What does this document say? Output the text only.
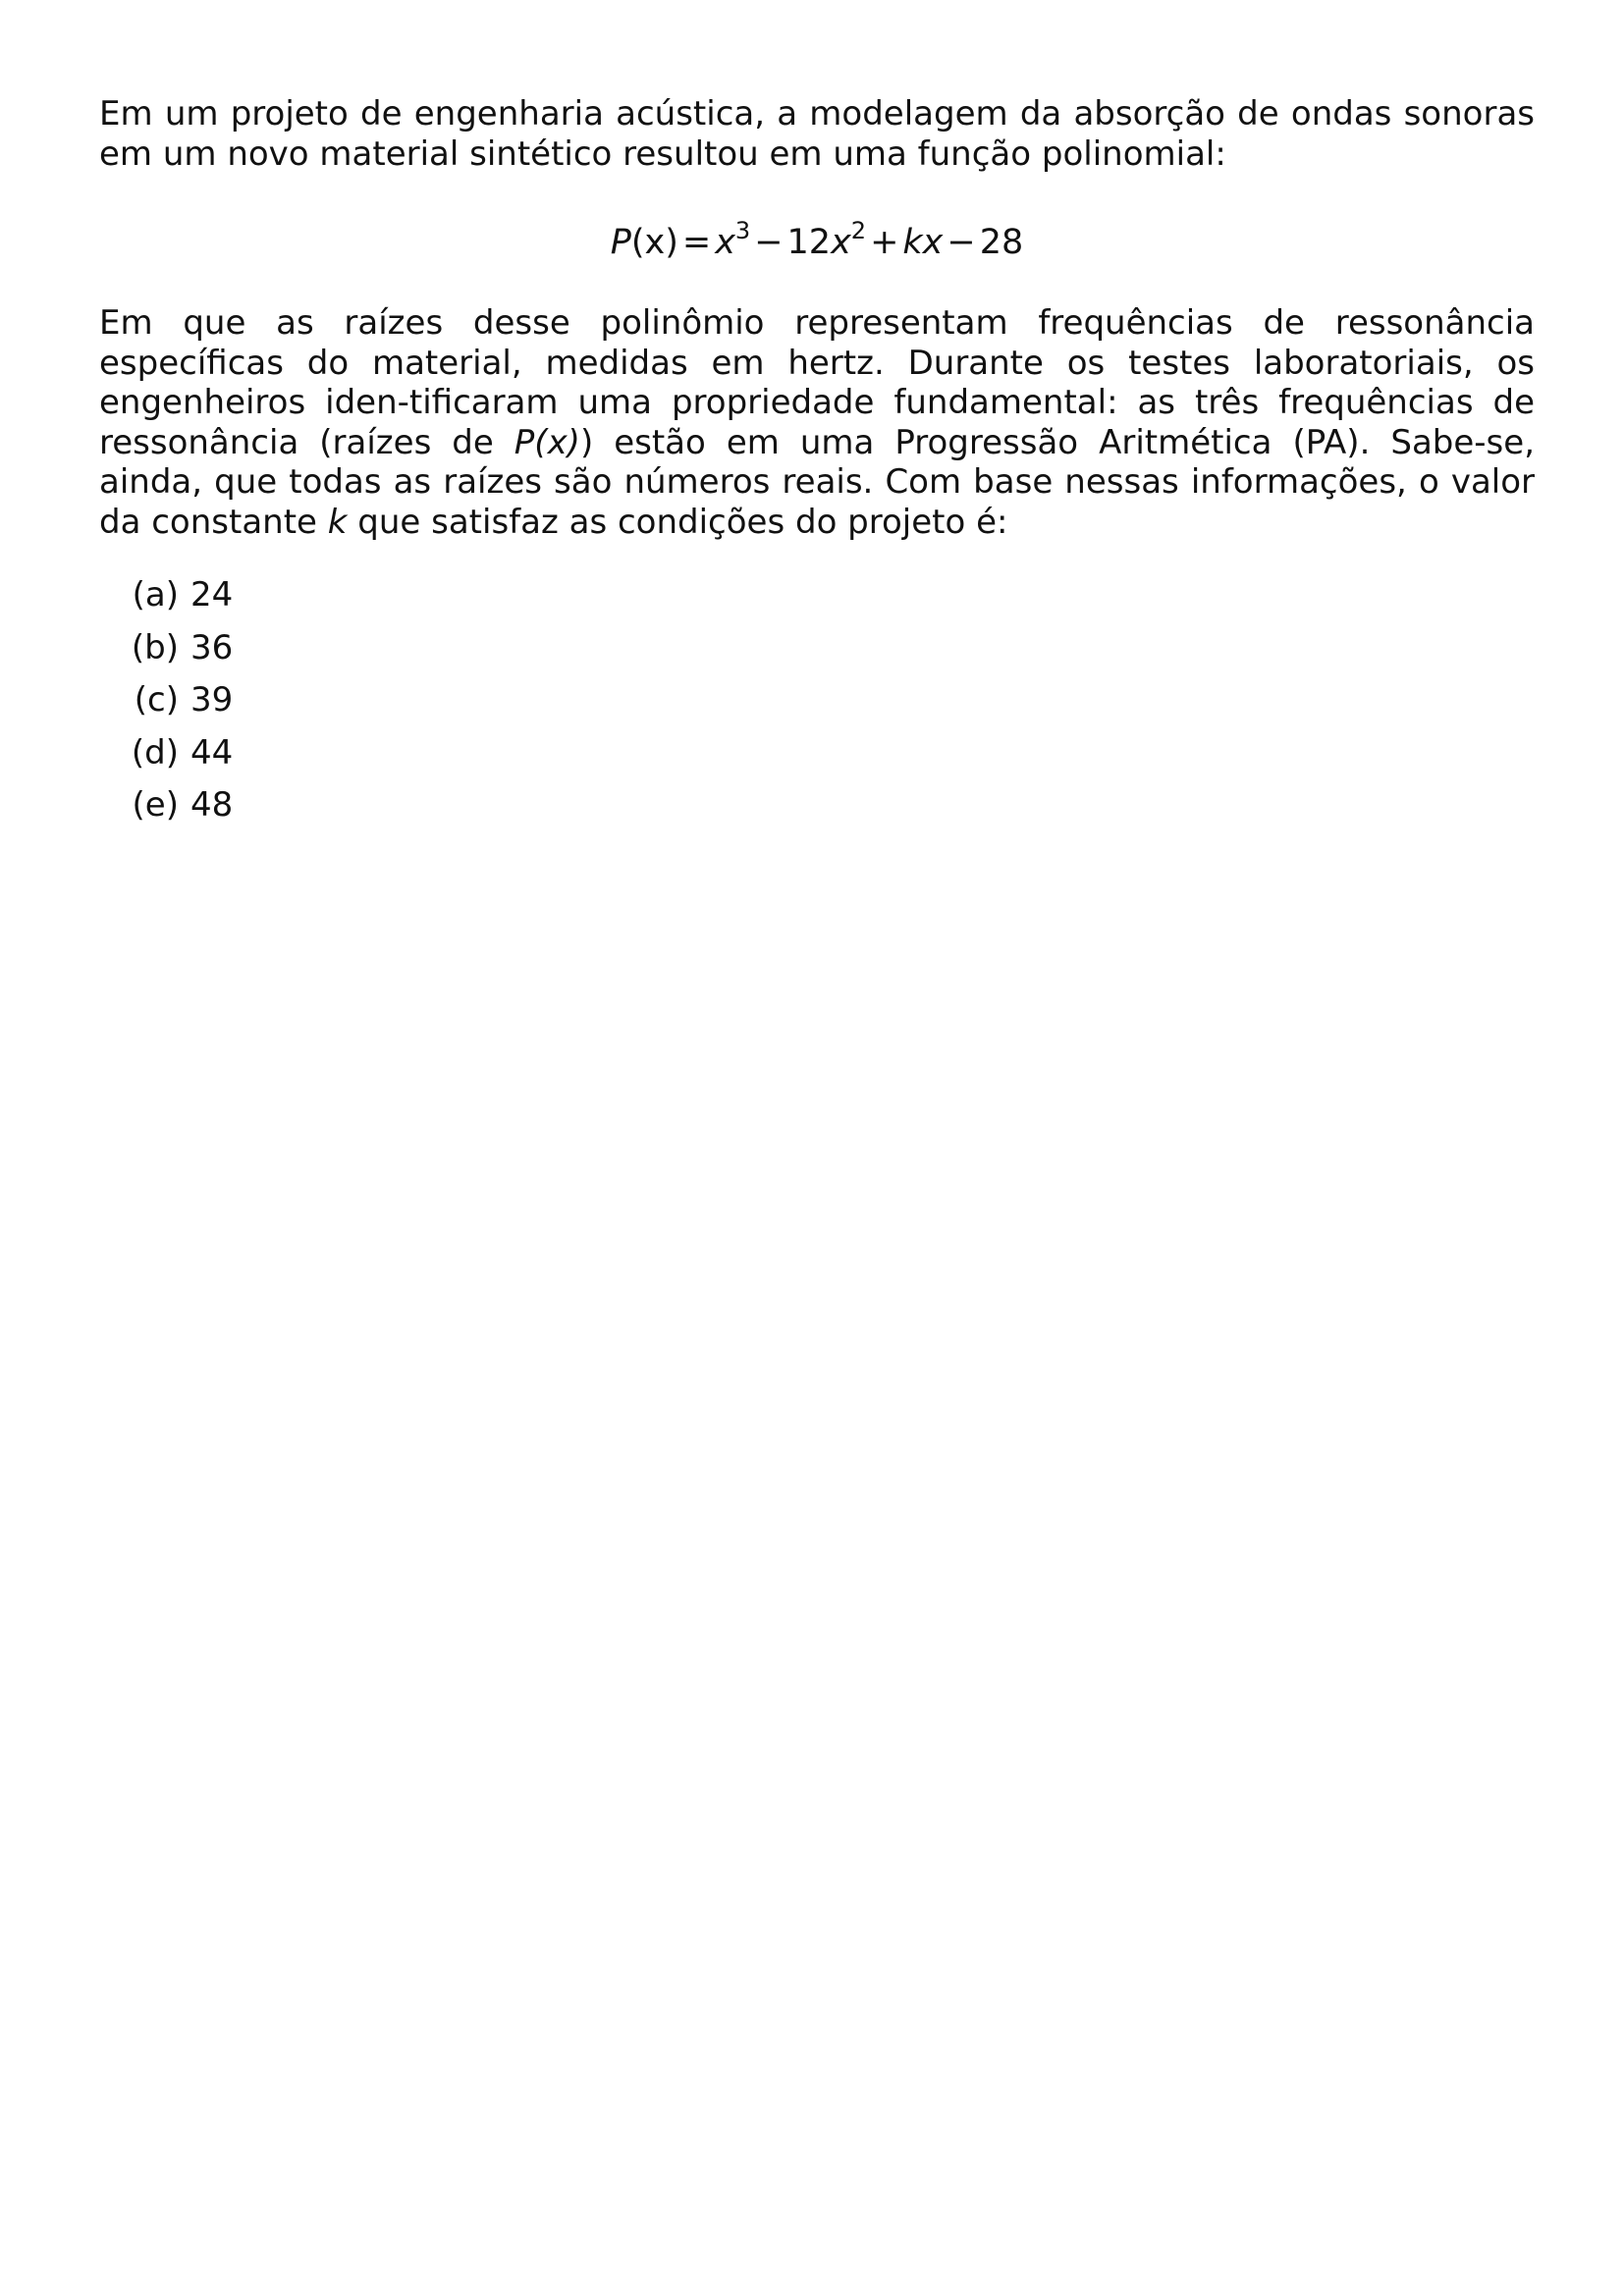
Em um projeto de engenharia acústica, a modelagem da absorção de ondas sonoras em um novo material sintético resultou em uma função polinomial:

$P(x) = x^3 - 12x^2$ + kx − 28

Em que as raízes desse polinômio representam frequências de ressonância específicas do material, medidas em hertz. Durante os testes laboratoriais, os engenheiros iden-tificaram uma propriedade fundamental: as três frequências de ressonância (raízes de P(x)) estão em uma Progressão Aritmética (PA). Sabe-se, ainda, que todas as raízes são números reais. Com base nessas informações, o valor da constante k que satisfaz as condições do projeto é:

(a) 24
(b) 36
(c) 39
(d) 44
(e) 48
